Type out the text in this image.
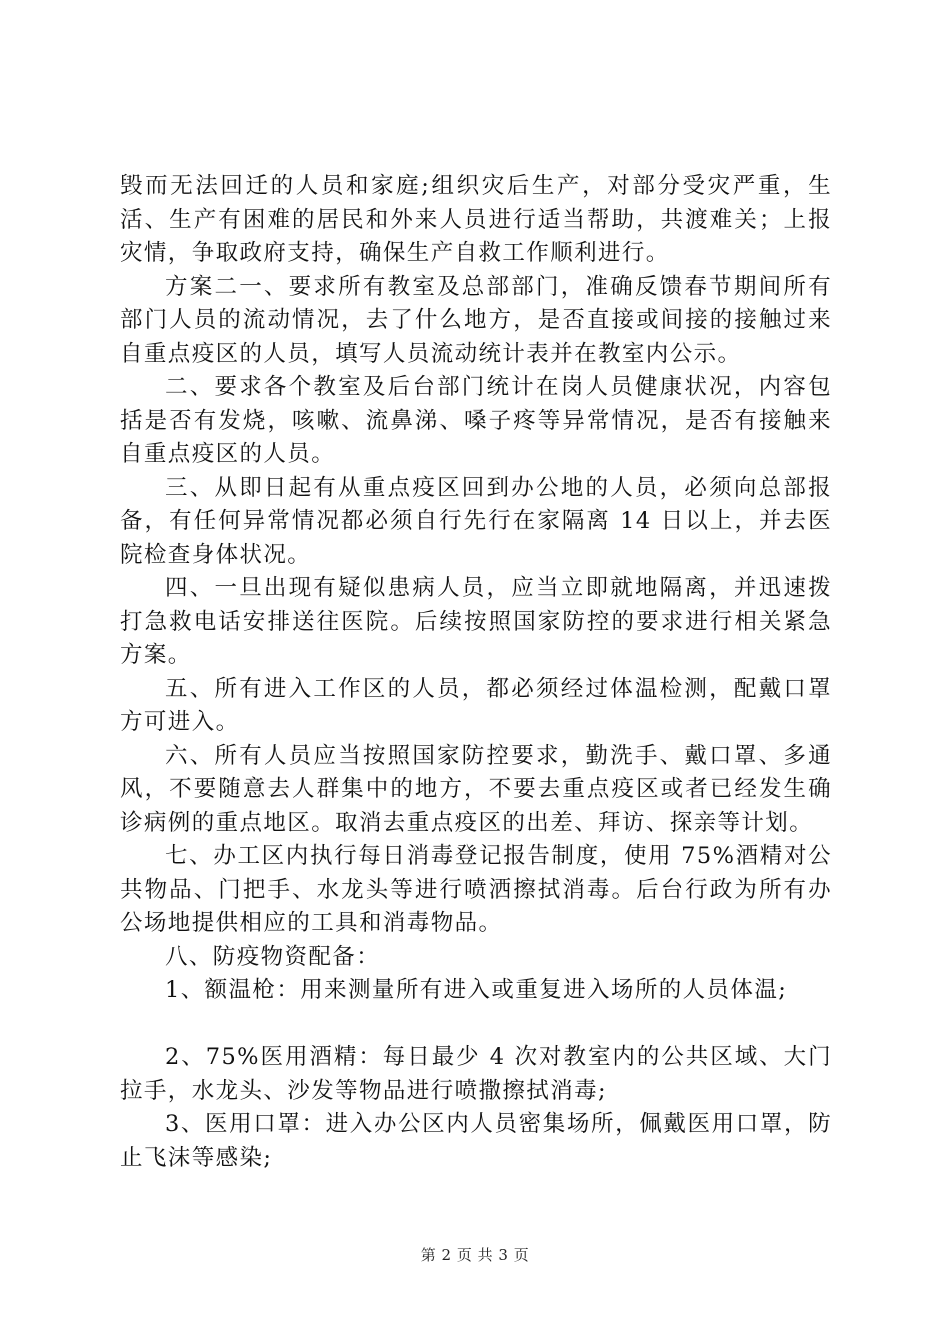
毁而无法回迁的人员和家庭;组织灾后生产，对部分受灾严重，生活、生产有困难的居民和外来人员进行适当帮助，共渡难关；上报灾情，争取政府支持，确保生产自救工作顺利进行。

方案二一、要求所有教室及总部部门，准确反馈春节期间所有部门人员的流动情况，去了什么地方，是否直接或间接的接触过来自重点疫区的人员，填写人员流动统计表并在教室内公示。

二、要求各个教室及后台部门统计在岗人员健康状况，内容包括是否有发烧，咳嗽、流鼻涕、嗓子疼等异常情况，是否有接触来自重点疫区的人员。

三、从即日起有从重点疫区回到办公地的人员，必须向总部报备，有任何异常情况都必须自行先行在家隔离 14 日以上，并去医院检查身体状况。

四、一旦出现有疑似患病人员，应当立即就地隔离，并迅速拨打急救电话安排送往医院。后续按照国家防控的要求进行相关紧急方案。

五、所有进入工作区的人员，都必须经过体温检测，配戴口罩方可进入。

六、所有人员应当按照国家防控要求，勤洗手、戴口罩、多通风，不要随意去人群集中的地方，不要去重点疫区或者已经发生确诊病例的重点地区。取消去重点疫区的出差、拜访、探亲等计划。

七、办工区内执行每日消毒登记报告制度，使用 75%酒精对公共物品、门把手、水龙头等进行喷洒擦拭消毒。后台行政为所有办公场地提供相应的工具和消毒物品。

八、防疫物资配备：

1、额温枪：用来测量所有进入或重复进入场所的人员体温;

2、75%医用酒精：每日最少 4 次对教室内的公共区域、大门拉手，水龙头、沙发等物品进行喷撒擦拭消毒;

3、医用口罩：进入办公区内人员密集场所，佩戴医用口罩，防止飞沫等感染;

第 2 页 共 3 页
